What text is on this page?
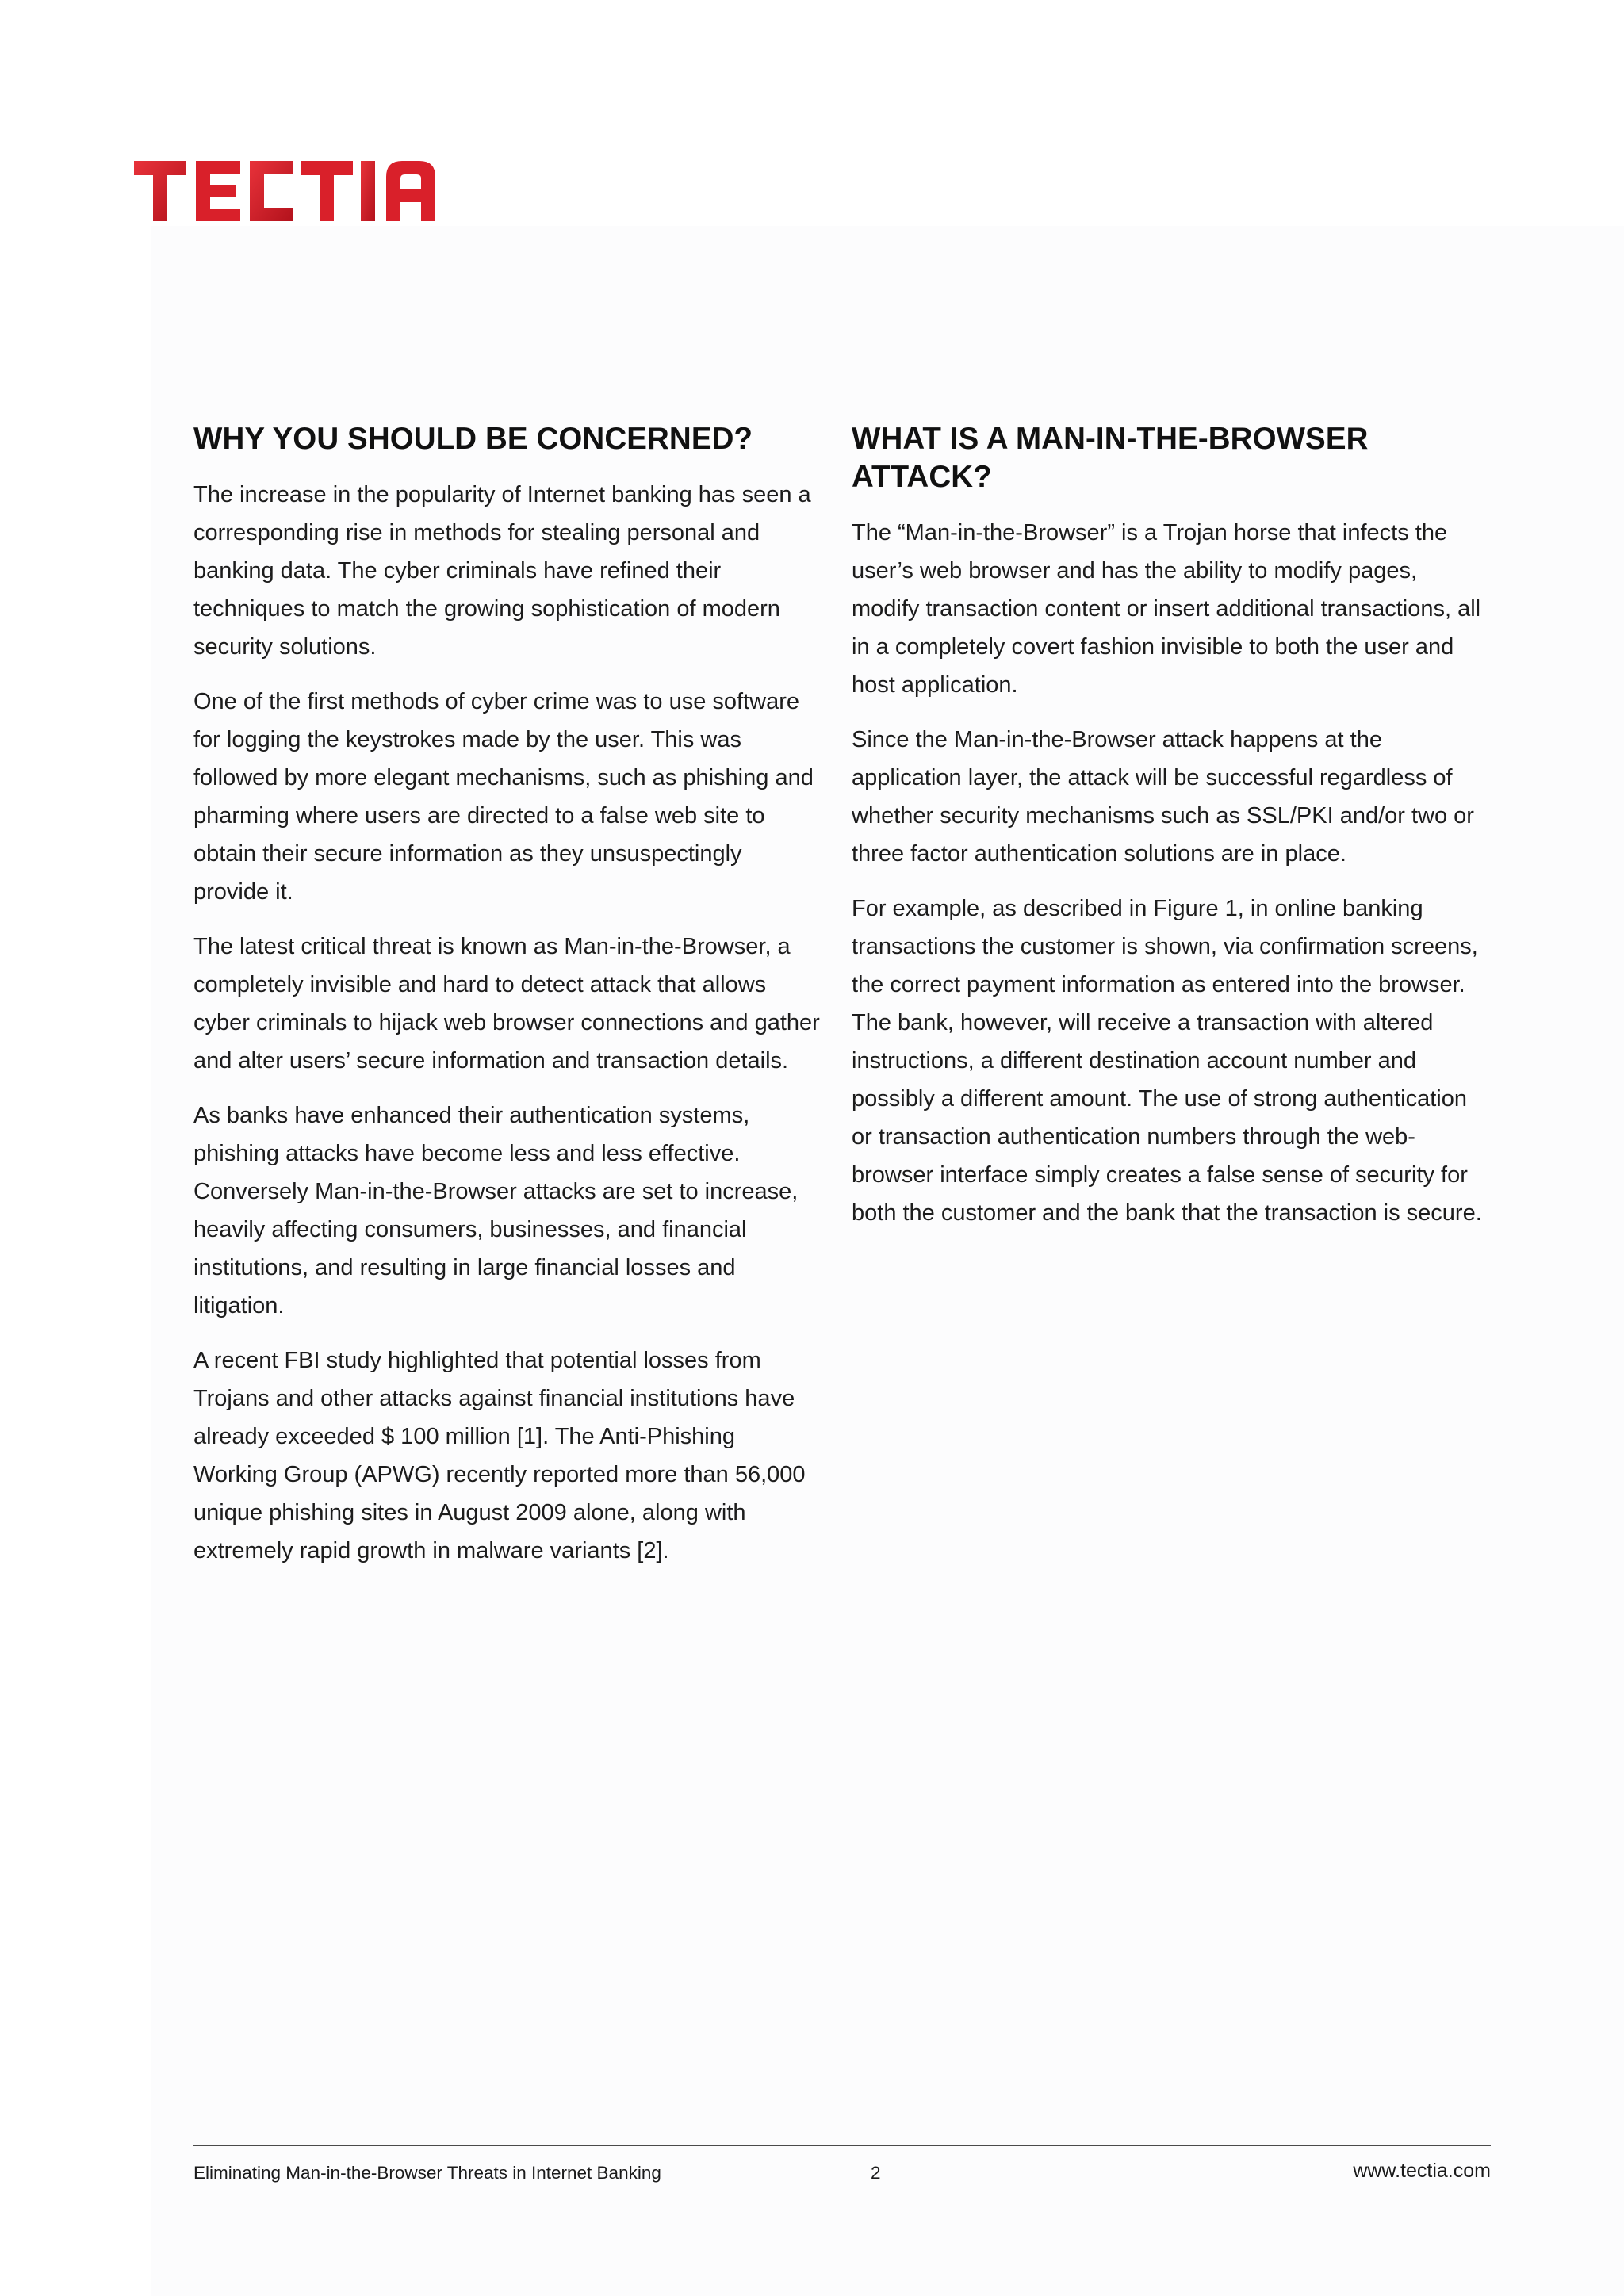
WHY YOU SHOULD BE CONCERNED?

The increase in the popularity of Internet banking has seen a corresponding rise in methods for stealing personal and banking data. The cyber criminals have refined their techniques to match the growing sophistication of modern security solutions.

One of the first methods of cyber crime was to use software for logging the keystrokes made by the user. This was followed by more elegant mechanisms, such as phishing and pharming where users are directed to a false web site to obtain their secure information as they unsuspectingly provide it.

The latest critical threat is known as Man-in-the-Browser, a completely invisible and hard to detect attack that allows cyber criminals to hijack web browser connections and gather and alter users’ secure information and transaction details.

As banks have enhanced their authentication systems, phishing attacks have become less and less effective. Conversely Man-in-the-Browser attacks are set to increase, heavily affecting consumers, businesses, and financial institutions, and resulting in large financial losses and litigation.

A recent FBI study highlighted that potential losses from Trojans and other attacks against financial institutions have already exceeded $ 100 million [1]. The Anti-Phishing Working Group (APWG) recently reported more than 56,000 unique phishing sites in August 2009 alone, along with extremely rapid growth in malware variants [2].

WHAT IS A MAN-IN-THE-BROWSER ATTACK?

The “Man-in-the-Browser” is a Trojan horse that infects the user’s web browser and has the ability to modify pages, modify transaction content or insert additional transactions, all in a completely covert fashion invisible to both the user and host application.

Since the Man-in-the-Browser attack happens at the application layer, the attack will be successful regardless of whether security mechanisms such as SSL/PKI and/or two or three factor authentication solutions are in place.

For example, as described in Figure 1, in online banking transactions the customer is shown, via confirmation screens, the correct payment information as entered into the browser. The bank, however, will receive a transaction with altered instructions, a different destination account number and possibly a different amount. The use of strong authentication or transaction authentication numbers through the web-browser interface simply creates a false sense of security for both the customer and the bank that the transaction is secure.

Eliminating Man-in-the-Browser Threats in Internet Banking	2	www.tectia.com
